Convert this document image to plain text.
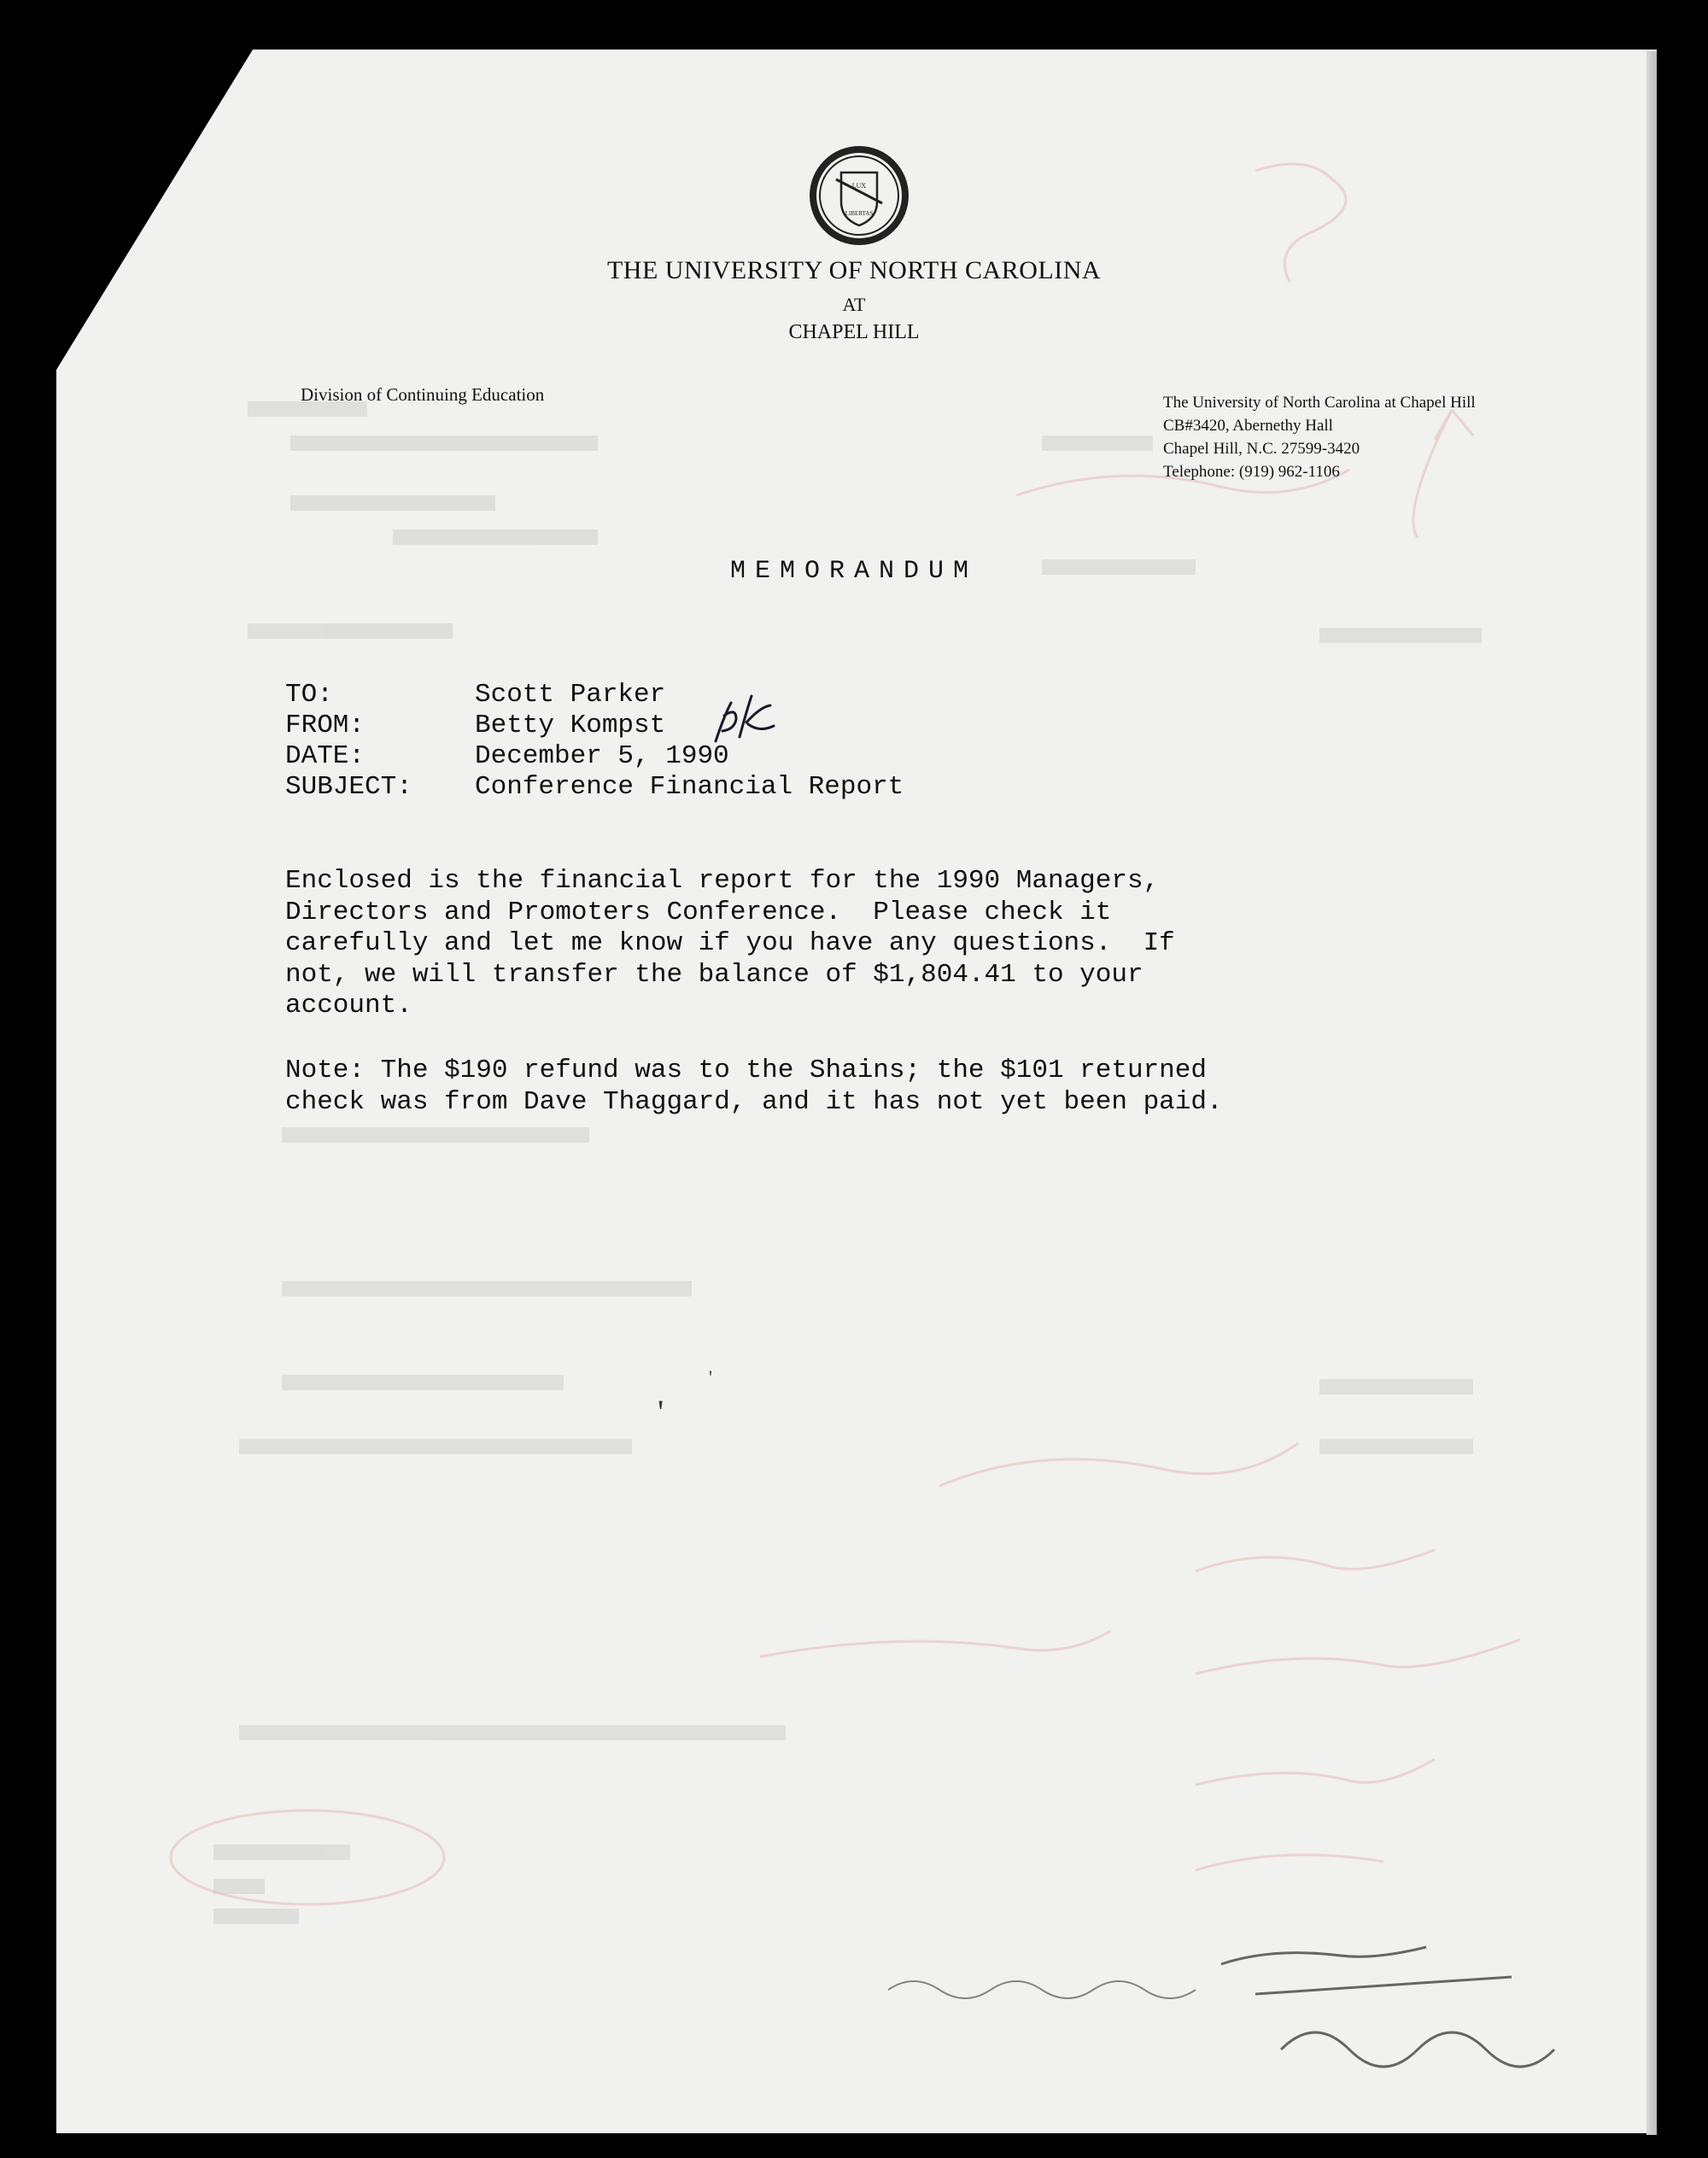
LUX
LIBERTAS
THE UNIVERSITY OF NORTH CAROLINA
AT
CHAPEL HILL
Division of Continuing Education	The University of North Carolina at Chapel Hill
CB#3420, Abernethy Hall
Chapel Hill, N.C. 27599-3420
Telephone: (919) 962-1106
MEMORANDUM
TO:	Scott Parker
FROM:	Betty Kompst
DATE:	December 5, 1990
SUBJECT: Conference Financial Report
Enclosed is the financial report for the 1990 Managers,
Directors and Promoters Conference.  Please check it
carefully and let me know if you have any questions.  If
not, we will transfer the balance of $1,804.41 to your
account.
Note: The $190 refund was to the Shains; the $101 returned
check was from Dave Thaggard, and it has not yet been paid.
'
'
